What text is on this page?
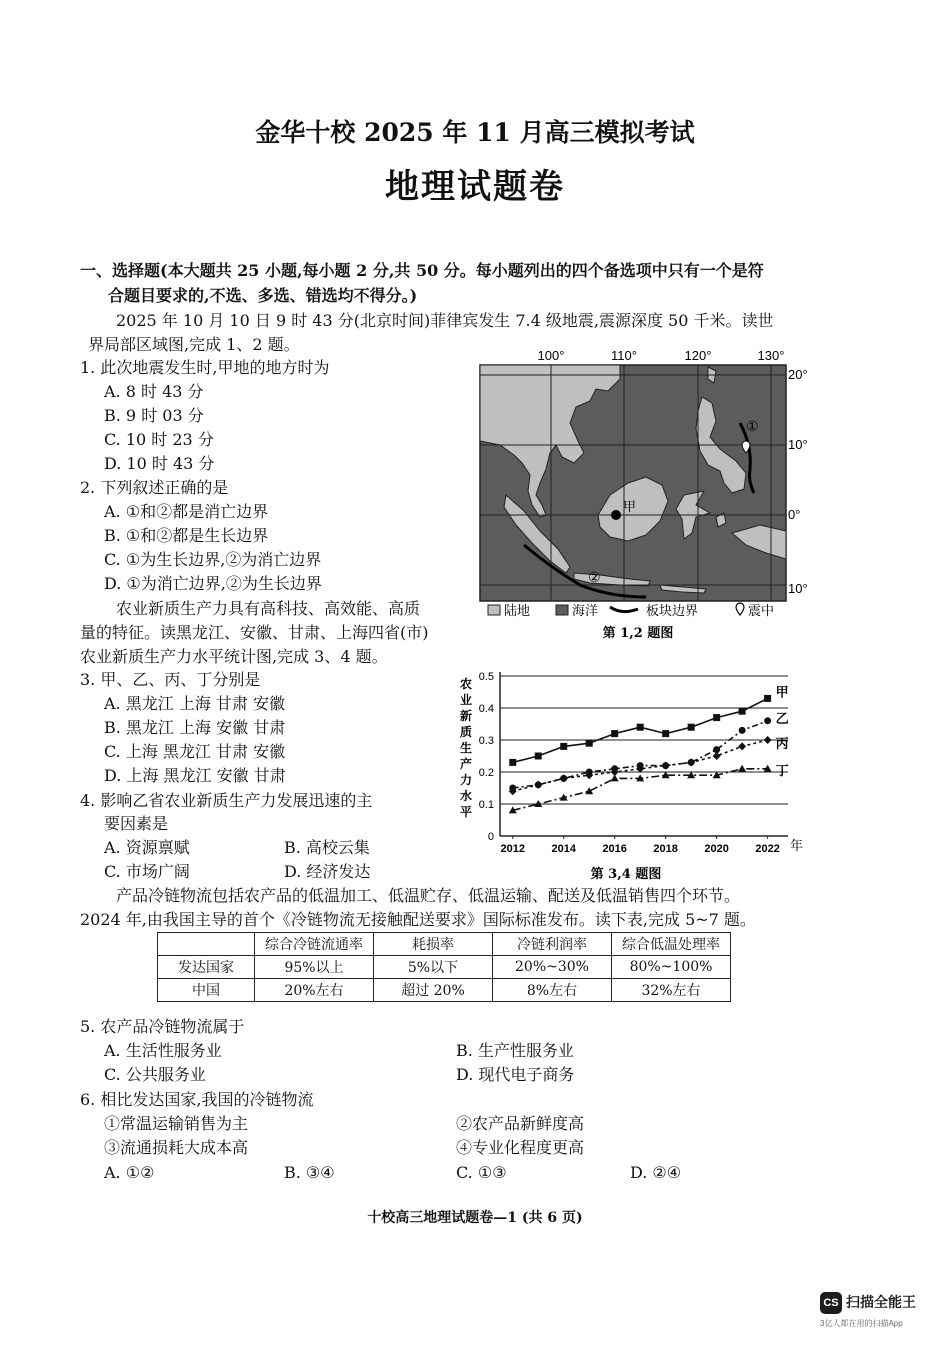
金华十校 2025 年 11 月高三模拟考试
地理试题卷
一、选择题(本大题共 25 小题,每小题 2 分,共 50 分。每小题列出的四个备选项中只有一个是符
合题目要求的,不选、多选、错选均不得分。)
2025 年 10 月 10 日 9 时 43 分(北京时间)菲律宾发生 7.4 级地震,震源深度 50 千米。读世
界局部区域图,完成 1、2 题。
1. 此次地震发生时,甲地的地方时为
A. 8 时 43 分
B. 9 时 03 分
C. 10 时 23 分
D. 10 时 43 分
2. 下列叙述正确的是
A. ①和②都是消亡边界
B. ①和②都是生长边界
C. ①为生长边界,②为消亡边界
D. ①为消亡边界,②为生长边界
100°	110°	120°	130°
甲
①
②
20°
10°
0°
10°
陆地	海洋	板块边界	震中
第 1,2 题图
农业新质生产力具有高科技、高效能、高质
量的特征。读黑龙江、安徽、甘肃、上海四省(市)
农业新质生产力水平统计图,完成 3、4 题。
3. 甲、乙、丙、丁分别是
A. 黑龙江 上海 甘肃 安徽
B. 黑龙江 上海 安徽 甘肃
C. 上海 黑龙江 甘肃 安徽
D. 上海 黑龙江 安徽 甘肃
4. 影响乙省农业新质生产力发展迅速的主
要因素是
A. 资源禀赋	B. 高校云集
C. 市场广阔	D. 经济发达
农
业
新
质
生
产
力
水
平
0
0.1
0.2
0.3
0.4
0.5
2012 2014 2016 2018 2020 2022
甲
乙
丙
丁
年
第 3,4 题图
产品冷链物流包括农产品的低温加工、低温贮存、低温运输、配送及低温销售四个环节。
2024 年,由我国主导的首个《冷链物流无接触配送要求》国际标准发布。读下表,完成 5~7 题。
	综合冷链流通率	耗损率	冷链利润率	综合低温处理率
发达国家	95%以上	5%以下	20%~30%	80%~100%
中国	20%左右	超过 20%	8%左右	32%左右
5. 农产品冷链物流属于
A. 生活性服务业	B. 生产性服务业
C. 公共服务业	D. 现代电子商务
6. 相比发达国家,我国的冷链物流
①常温运输销售为主	②农产品新鲜度高
③流通损耗大成本高	④专业化程度更高
A. ①②	B. ③④	C. ①③	D. ②④
十校高三地理试题卷—1 (共 6 页)
CS 扫描全能王
3亿人都在用的扫描App
